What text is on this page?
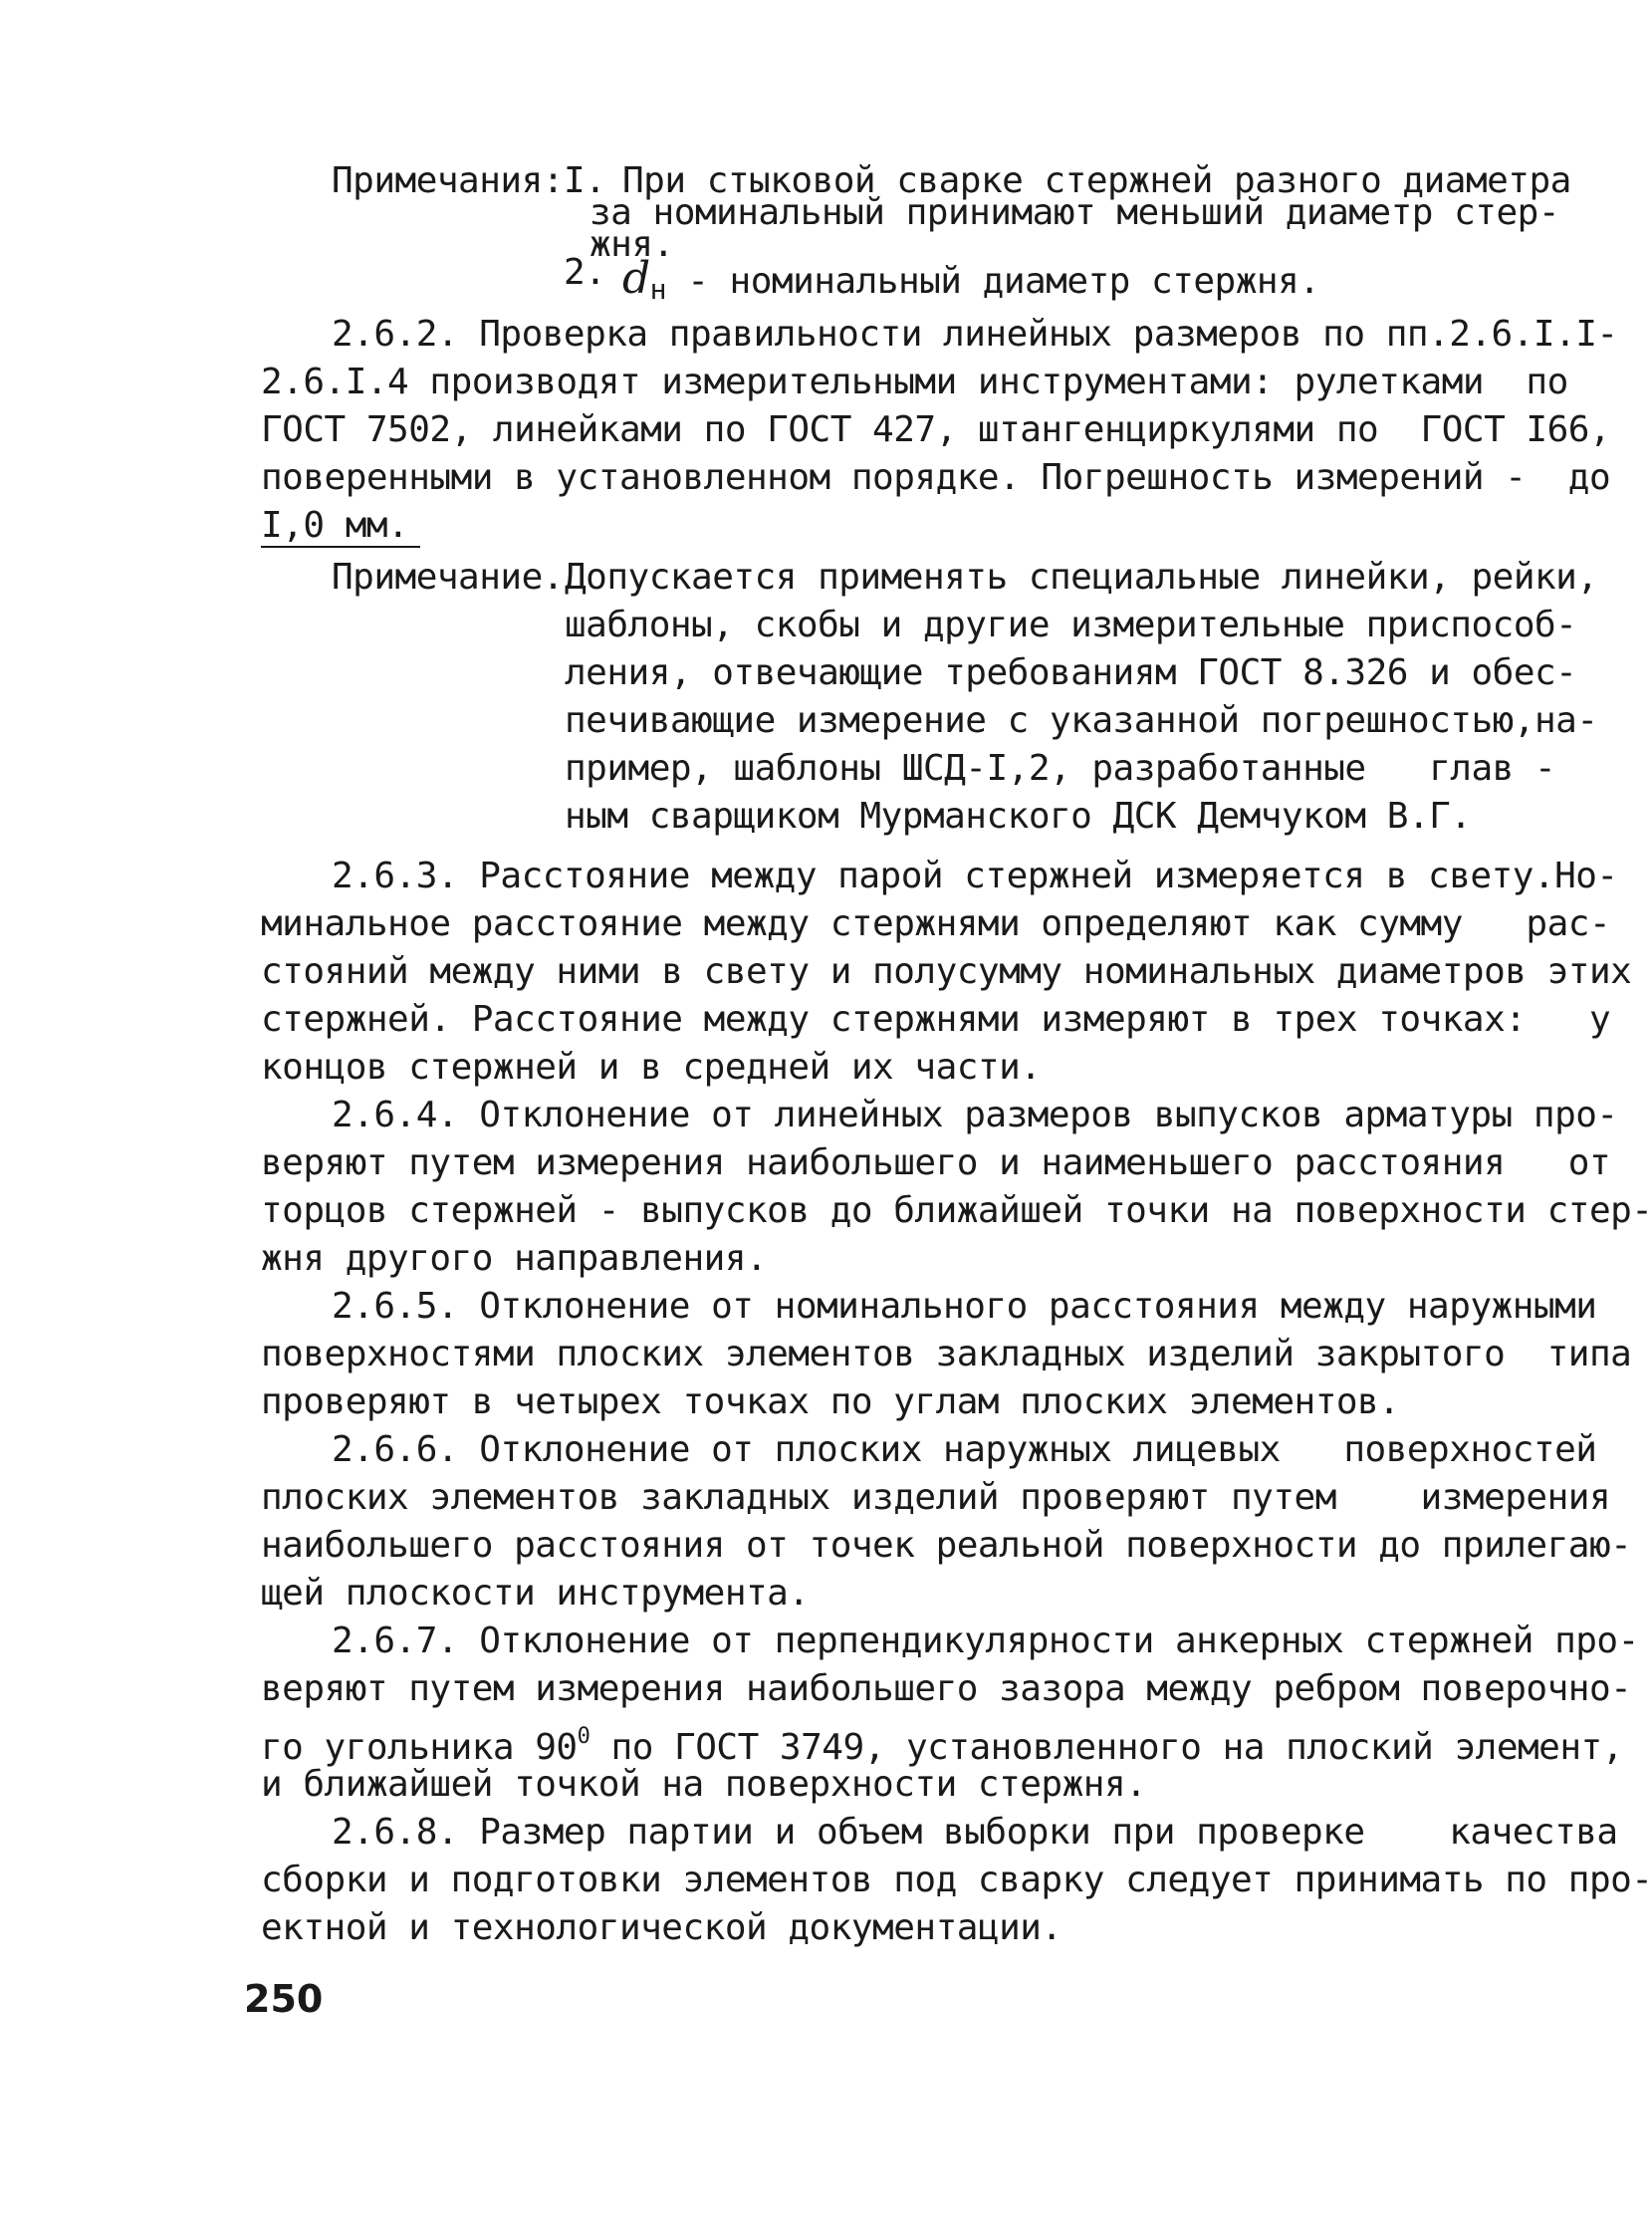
Примечания: I. При стыковой сварке стержней разного диаметра
за номинальный принимают меньший диаметр стер-
жня.
2. $d_н$ - номинальный диаметр стержня.
2.6.2. Проверка правильности линейных размеров по пп.2.6.I.I-
2.6.I.4 производят измерительными инструментами: рулетками  по
ГОСТ 7502, линейками по ГОСТ 427, штангенциркулями по  ГОСТ I66,
поверенными в установленном порядке. Погрешность измерений -  до
I,0 мм.
Примечание. Допускается применять специальные линейки, рейки,
шаблоны, скобы и другие измерительные приспособ-
ления, отвечающие требованиям ГОСТ 8.326 и обес-
печивающие измерение с указанной погрешностью,на-
пример, шаблоны ШСД-I,2, разработанные   глав -
ным сварщиком Мурманского ДСК Демчуком В.Г.
2.6.3. Расстояние между парой стержней измеряется в свету.Но-
минальное расстояние между стержнями определяют как сумму   рас-
стояний между ними в свету и полусумму номинальных диаметров этих
стержней. Расстояние между стержнями измеряют в трех точках:   у
концов стержней и в средней их части.
2.6.4. Отклонение от линейных размеров выпусков арматуры про-
веряют путем измерения наибольшего и наименьшего расстояния   от
торцов стержней - выпусков до ближайшей точки на поверхности стер-
жня другого направления.
2.6.5. Отклонение от номинального расстояния между наружными
поверхностями плоских элементов закладных изделий закрытого  типа
проверяют в четырех точках по углам плоских элементов.
2.6.6. Отклонение от плоских наружных лицевых   поверхностей
плоских элементов закладных изделий проверяют путем    измерения
наибольшего расстояния от точек реальной поверхности до прилегаю-
щей плоскости инструмента.
2.6.7. Отклонение от перпендикулярности анкерных стержней про-
веряют путем измерения наибольшего зазора между ребром поверочно-
го угольника $90^0$ по ГОСТ 3749, установленного на плоский элемент,
и ближайшей точкой на поверхности стержня.
2.6.8. Размер партии и объем выборки при проверке    качества
сборки и подготовки элементов под сварку следует принимать по про-
ектной и технологической документации.
250
